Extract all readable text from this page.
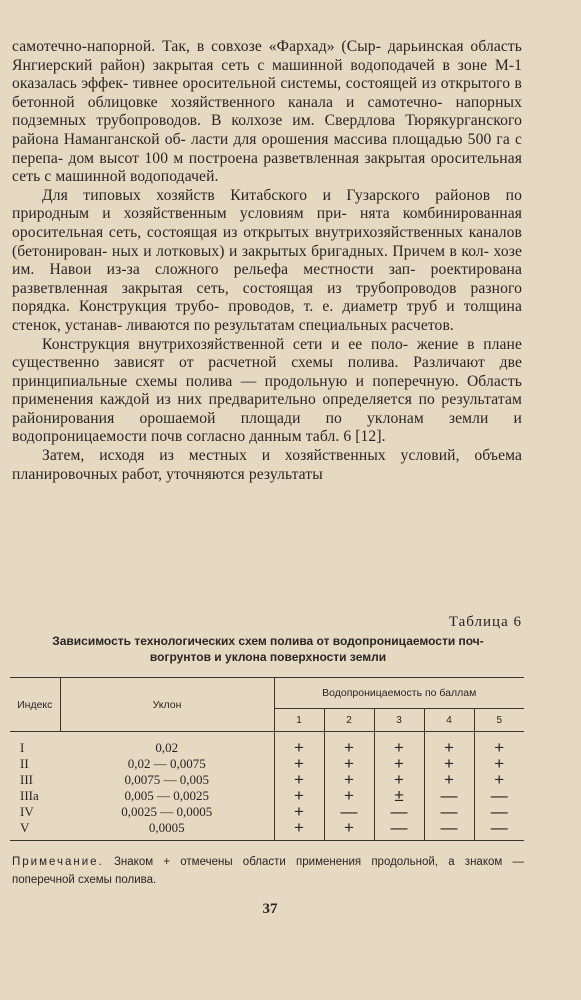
самотечно-напорной. Так, в совхозе «Фархад» (Сыр- дарьинская область Янгиерский район) закрытая сеть с машинной водоподачей в зоне М-1 оказалась эффек- тивнее оросительной системы, состоящей из открытого в бетонной облицовке хозяйственного канала и самотечно- напорных подземных трубопроводов. В колхозе им. Свердлова Тюрякурганского района Наманганской об- ласти для орошения массива площадью 500 га с перепа- дом высот 100 м построена разветвленная закрытая оросительная сеть с машинной водоподачей.

Для типовых хозяйств Китабского и Гузарского районов по природным и хозяйственным условиям при- нята комбинированная оросительная сеть, состоящая из открытых внутрихозяйственных каналов (бетонирован- ных и лотковых) и закрытых бригадных. Причем в кол- хозе им. Навои из-за сложного рельефа местности зап- роектирована разветвленная закрытая сеть, состоящая из трубопроводов разного порядка. Конструкция трубо- проводов, т. е. диаметр труб и толщина стенок, устанав- ливаются по результатам специальных расчетов.

Конструкция внутрихозяйственной сети и ее поло- жение в плане существенно зависят от расчетной схемы полива. Различают две принципиальные схемы полива — продольную и поперечную. Область применения каждой из них предварительно определяется по результатам районирования орошаемой площади по уклонам земли и водопроницаемости почв согласно данным табл. 6 [12].

Затем, исходя из местных и хозяйственных условий, объема планировочных работ, уточняются результаты

Таблица 6
Зависимость технологических схем полива от водопроницаемости поч-
вогрунтов и уклона поверхности земли
Индекс	Уклон	Водопроницаемость по баллам				
		1	2	3	4	5
I	0,02	+	+	+	+	+
II	0,02 — 0,0075	+	+	+	+	+
III	0,0075 — 0,005	+	+	+	+	+
IIIa	0,005 — 0,0025	+	+	±	—	—
IV	0,0025 — 0,0005	+	—	—	—	—
V	0,0005	+	+	—	—	—
Примечание. Знаком + отмечены области применения продольной, а знаком — поперечной схемы полива.
37
